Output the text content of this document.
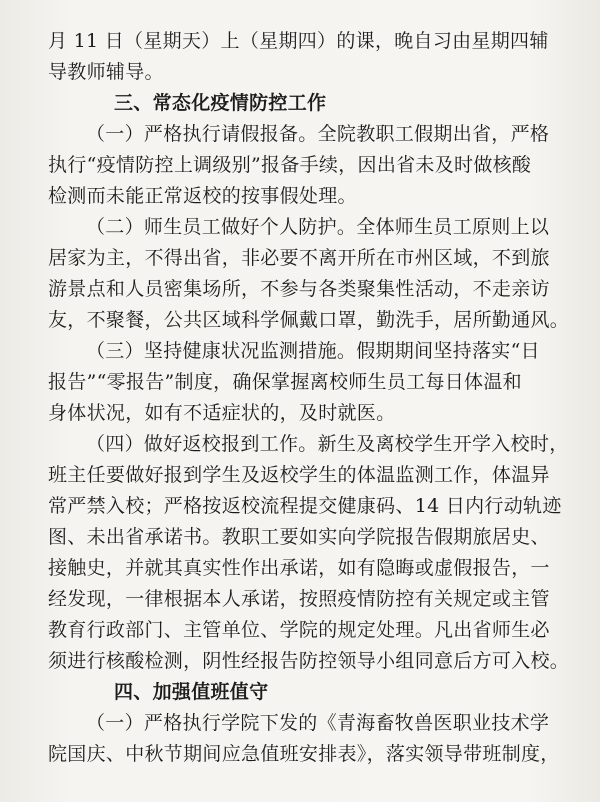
月 11 日（星期天）上（星期四）的课，晚自习由星期四辅
导教师辅导。
三、常态化疫情防控工作
（一）严格执行请假报备。全院教职工假期出省，严格
执行“疫情防控上调级别”报备手续，因出省未及时做核酸
检测而未能正常返校的按事假处理。
（二）师生员工做好个人防护。全体师生员工原则上以
居家为主，不得出省，非必要不离开所在市州区域，不到旅
游景点和人员密集场所，不参与各类聚集性活动，不走亲访
友，不聚餐，公共区域科学佩戴口罩，勤洗手，居所勤通风。
（三）坚持健康状况监测措施。假期期间坚持落实“日
报告”“零报告”制度，确保掌握离校师生员工每日体温和
身体状况，如有不适症状的，及时就医。
（四）做好返校报到工作。新生及离校学生开学入校时，
班主任要做好报到学生及返校学生的体温监测工作，体温异
常严禁入校；严格按返校流程提交健康码、14 日内行动轨迹
图、未出省承诺书。教职工要如实向学院报告假期旅居史、
接触史，并就其真实性作出承诺，如有隐晦或虚假报告，一
经发现，一律根据本人承诺，按照疫情防控有关规定或主管
教育行政部门、主管单位、学院的规定处理。凡出省师生必
须进行核酸检测，阴性经报告防控领导小组同意后方可入校。
四、加强值班值守
（一）严格执行学院下发的《青海畜牧兽医职业技术学
院国庆、中秋节期间应急值班安排表》，落实领导带班制度，
